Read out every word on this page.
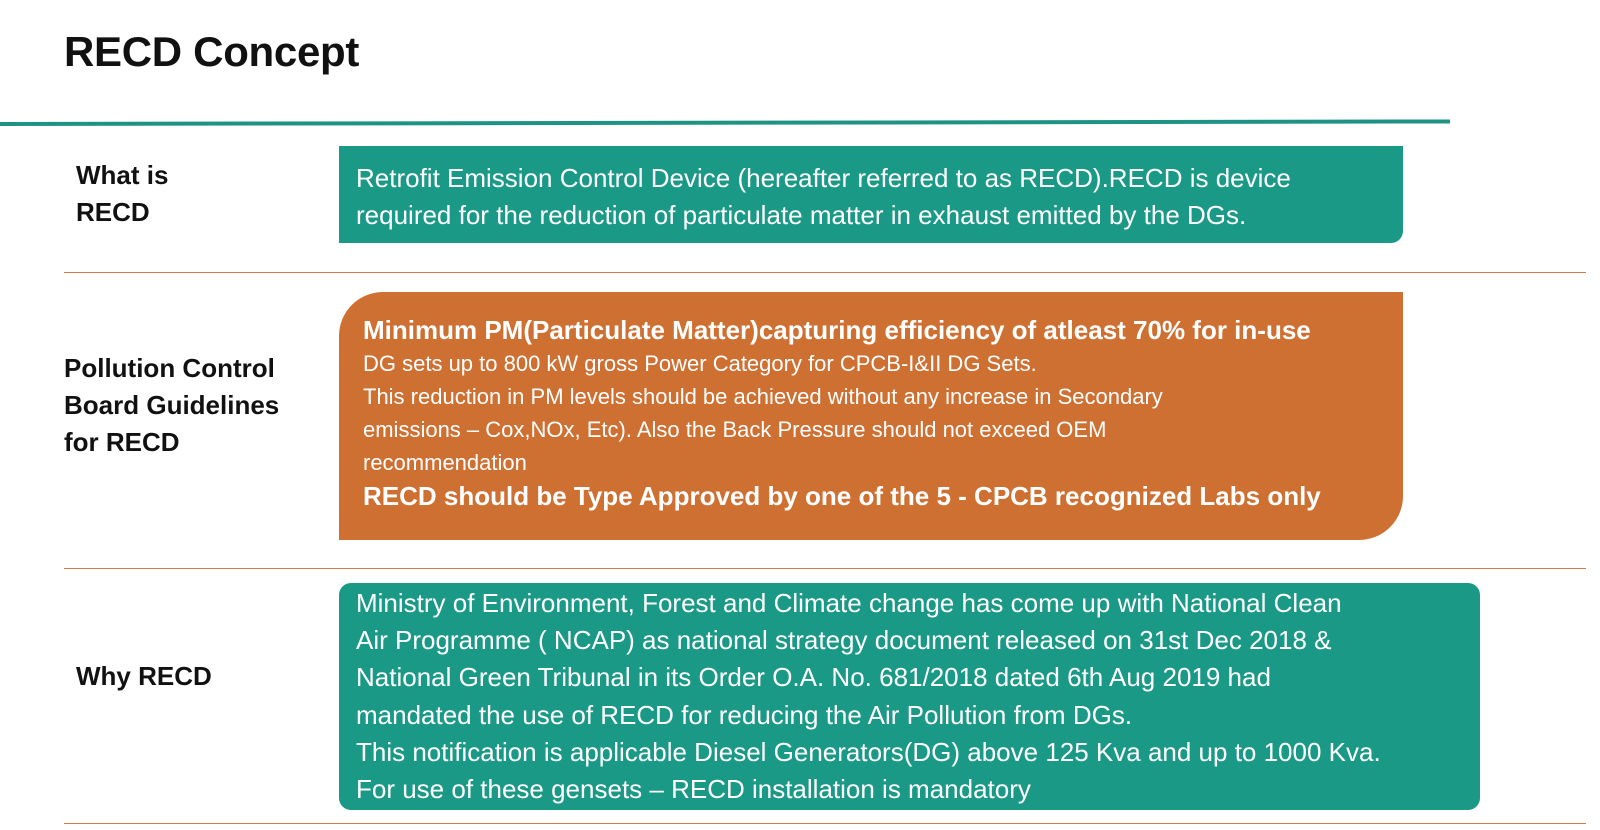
RECD Concept
What is
RECD

Retrofit Emission Control Device (hereafter referred to as RECD).RECD is device

required for the reduction of particulate matter in exhaust emitted by the DGs.

Pollution Control
Board Guidelines
for RECD

Minimum PM(Particulate Matter)capturing efficiency of atleast 70% for in-use

DG sets up to 800 kW gross Power Category for CPCB-I&II DG Sets.

This reduction in PM levels should be achieved without any increase in Secondary

emissions – Cox,NOx, Etc). Also the Back Pressure should not exceed OEM

recommendation

RECD should be Type Approved by one of the 5 - CPCB recognized Labs only

Why RECD

Ministry of Environment, Forest and Climate change has come up with National Clean

Air Programme ( NCAP) as national strategy document released on 31st Dec 2018 &

National Green Tribunal in its Order O.A. No. 681/2018 dated 6th Aug 2019 had

mandated the use of RECD for reducing the Air Pollution from DGs.

This notification is applicable Diesel Generators(DG) above 125 Kva and up to 1000 Kva.

For use of these gensets – RECD installation is mandatory
